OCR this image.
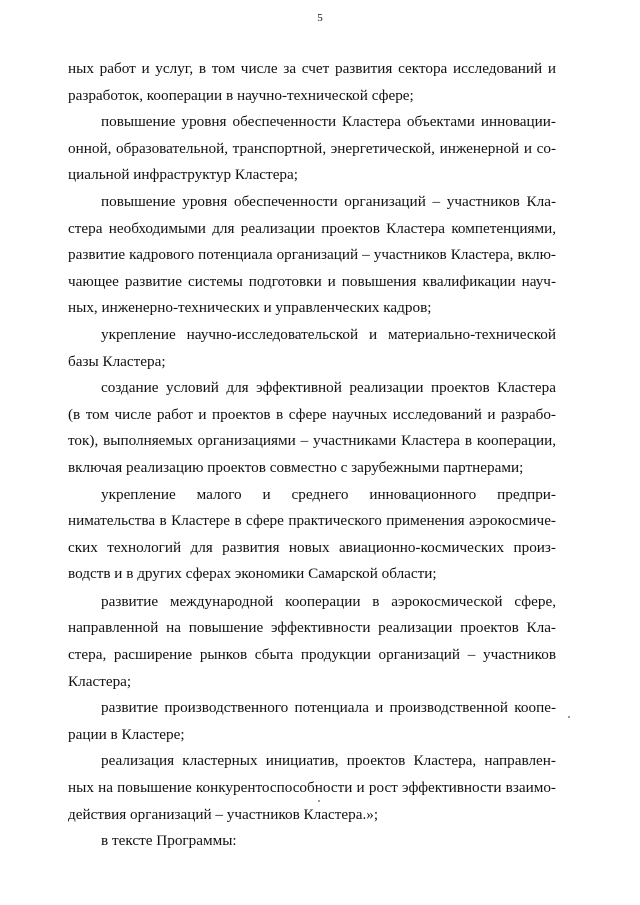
5
ных работ и услуг, в том числе за счет развития сектора исследований и
разработок, кооперации в научно-технической сфере;
повышение уровня обеспеченности Кластера объектами инновации-
онной, образовательной, транспортной, энергетической, инженерной и со-
циальной инфраструктур Кластера;
повышение уровня обеспеченности организаций – участников Кла-
стера необходимыми для реализации проектов Кластера компетенциями,
развитие кадрового потенциала организаций – участников Кластера, вклю-
чающее развитие системы подготовки и повышения квалификации науч-
ных, инженерно-технических и управленческих кадров;
укрепление научно-исследовательской и материально-технической
базы Кластера;
создание условий для эффективной реализации проектов Кластера
(в том числе работ и проектов в сфере научных исследований и разрабо-
ток), выполняемых организациями – участниками Кластера в кооперации,
включая реализацию проектов совместно с зарубежными партнерами;
укрепление малого и среднего инновационного предпри-
нимательства в Кластере в сфере практического применения аэрокосмиче-
ских технологий для развития новых авиационно-космических произ-
водств и в других сферах экономики Самарской области;
развитие международной кооперации в аэрокосмической сфере,
направленной на повышение эффективности реализации проектов Кла-
стера, расширение рынков сбыта продукции организаций – участников
Кластера;
развитие производственного потенциала и производственной коопе-
рации в Кластере;
реализация кластерных инициатив, проектов Кластера, направлен-
ных на повышение конкурентоспособности и рост эффективности взаимо-
действия организаций – участников Кластера.»;
в тексте Программы:
